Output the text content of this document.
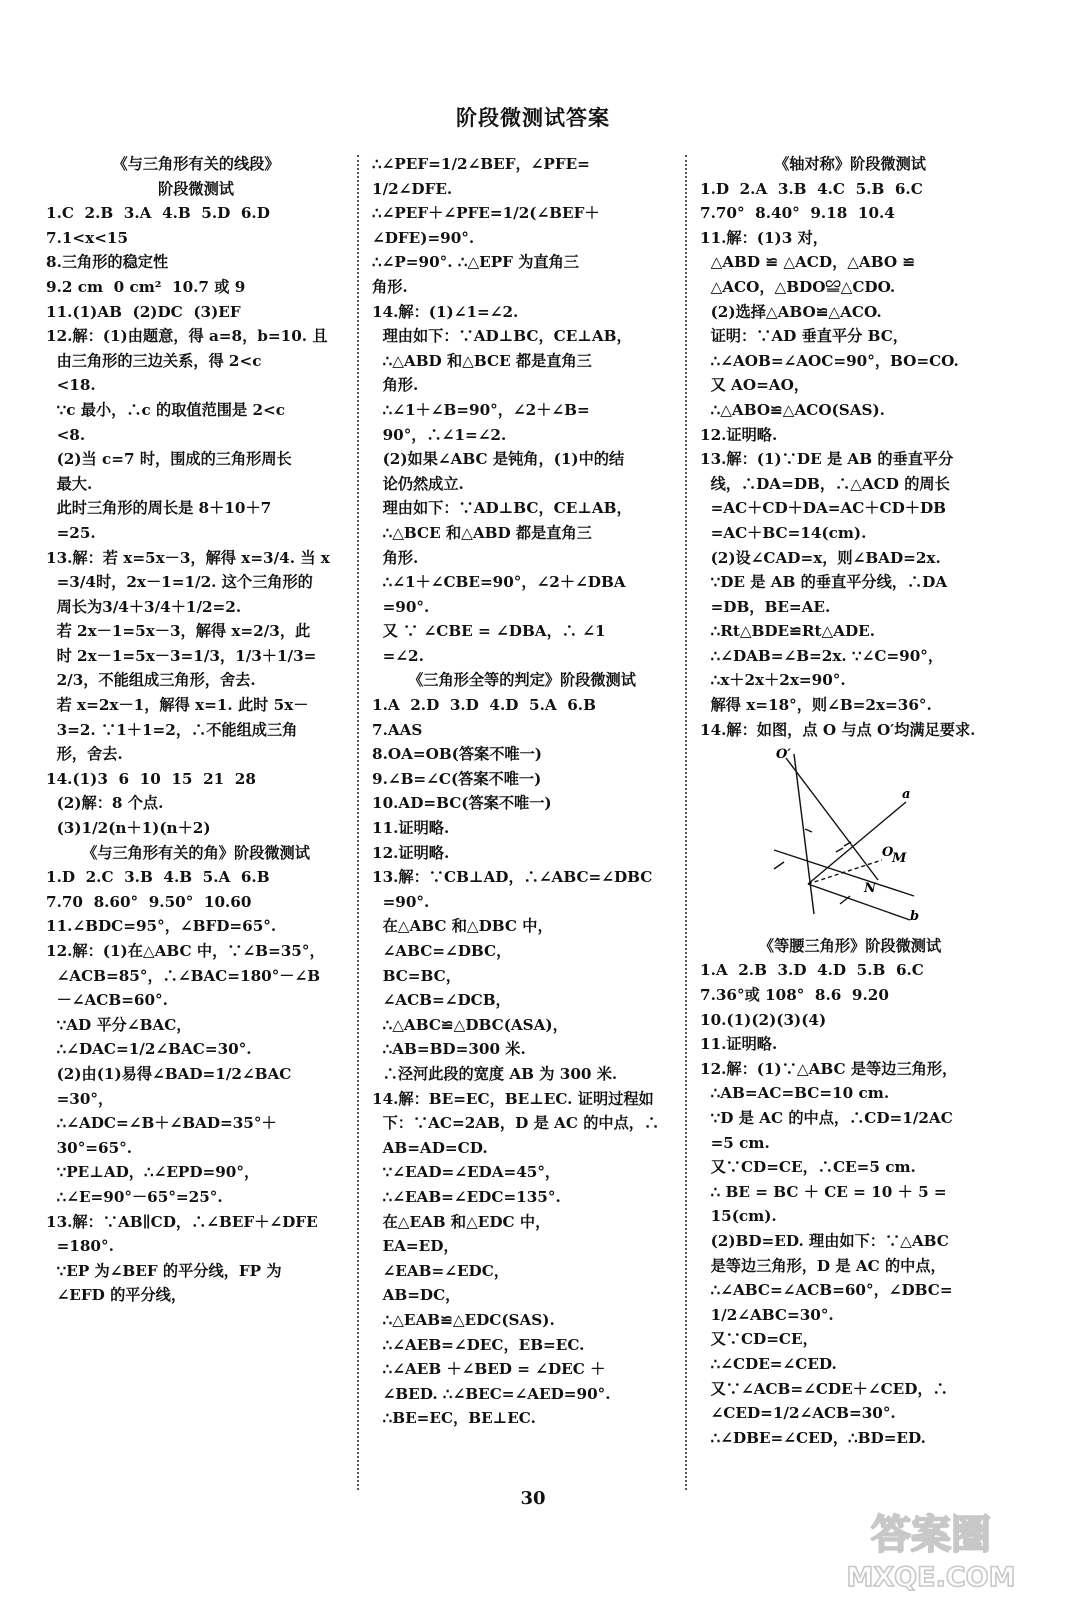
阶段微测试答案
《与三角形有关的线段》
阶段微测试
1.C  2.B  3.A  4.B  5.D  6.D
7.1<x<15
8.三角形的稳定性
9.2 cm  0 cm²  10.7 或 9
11.(1)AB  (2)DC  (3)EF
12.解：(1)由题意，得 a=8，b=10. 且
由三角形的三边关系，得 2<c
<18.
∵c 最小，∴c 的取值范围是 2<c
<8.
(2)当 c=7 时，围成的三角形周长
最大.
此时三角形的周长是 8＋10＋7
=25.
13.解：若 x=5x－3，解得 x=3/4. 当 x
=3/4时，2x－1=1/2. 这个三角形的
周长为3/4＋3/4＋1/2=2.
若 2x－1=5x－3，解得 x=2/3，此
时 2x－1=5x－3=1/3，1/3＋1/3=
2/3，不能组成三角形，舍去.
若 x=2x－1，解得 x=1. 此时 5x－
3=2. ∵1＋1=2，∴不能组成三角
形，舍去.
14.(1)3  6  10  15  21  28
(2)解：8 个点.
(3)1/2(n＋1)(n＋2)
《与三角形有关的角》阶段微测试
1.D  2.C  3.B  4.B  5.A  6.B
7.70  8.60°  9.50°  10.60
11.∠BDC=95°，∠BFD=65°.
12.解：(1)在△ABC 中，∵∠B=35°，
∠ACB=85°，∴∠BAC=180°－∠B
－∠ACB=60°.
∵AD 平分∠BAC，
∴∠DAC=1/2∠BAC=30°.
(2)由(1)易得∠BAD=1/2∠BAC
=30°，
∴∠ADC=∠B＋∠BAD=35°＋
30°=65°.
∵PE⊥AD，∴∠EPD=90°，
∴∠E=90°－65°=25°.
13.解：∵AB∥CD，∴∠BEF＋∠DFE
=180°.
∵EP 为∠BEF 的平分线，FP 为
∠EFD 的平分线，
∴∠PEF=1/2∠BEF，∠PFE=
1/2∠DFE.
∴∠PEF＋∠PFE=1/2(∠BEF＋
∠DFE)=90°.
∴∠P=90°. ∴△EPF 为直角三
角形.
14.解：(1)∠1=∠2.
理由如下：∵AD⊥BC，CE⊥AB，
∴△ABD 和△BCE 都是直角三
角形.
∴∠1＋∠B=90°，∠2＋∠B=
90°，∴∠1=∠2.
(2)如果∠ABC 是钝角，(1)中的结
论仍然成立.
理由如下：∵AD⊥BC，CE⊥AB，
∴△BCE 和△ABD 都是直角三
角形.
∴∠1＋∠CBE=90°，∠2＋∠DBA
=90°.
又 ∵ ∠CBE = ∠DBA，∴ ∠1
=∠2.
《三角形全等的判定》阶段微测试
1.A  2.D  3.D  4.D  5.A  6.B
7.AAS
8.OA=OB(答案不唯一)
9.∠B=∠C(答案不唯一)
10.AD=BC(答案不唯一)
11.证明略.
12.证明略.
13.解：∵CB⊥AD，∴∠ABC=∠DBC
=90°.
在△ABC 和△DBC 中，
∠ABC=∠DBC，
BC=BC，
∠ACB=∠DCB，
∴△ABC≌△DBC(ASA)，
∴AB=BD=300 米.
∴泾河此段的宽度 AB 为 300 米.
14.解：BE=EC，BE⊥EC. 证明过程如
下：∵AC=2AB，D 是 AC 的中点，∴
AB=AD=CD.
∵∠EAD=∠EDA=45°，
∴∠EAB=∠EDC=135°.
在△EAB 和△EDC 中，
EA=ED，
∠EAB=∠EDC，
AB=DC，
∴△EAB≌△EDC(SAS).
∴∠AEB=∠DEC，EB=EC.
∴∠AEB ＋∠BED = ∠DEC ＋
∠BED. ∴∠BEC=∠AED=90°.
∴BE=EC，BE⊥EC.
《轴对称》阶段微测试
1.D  2.A  3.B  4.C  5.B  6.C
7.70°  8.40°  9.18  10.4
11.解：(1)3 对，
△ABD ≌ △ACD，△ABO ≌
△ACO，△BDO≌△CDO.
(2)选择△ABO≌△ACO.
证明：∵AD 垂直平分 BC，
∴∠AOB=∠AOC=90°，BO=CO.
又 AO=AO，
∴△ABO≌△ACO(SAS).
12.证明略.
13.解：(1)∵DE 是 AB 的垂直平分
线，∴DA=DB，∴△ACD 的周长
=AC＋CD＋DA=AC＋CD＋DB
=AC＋BC=14(cm).
(2)设∠CAD=x，则∠BAD=2x.
∵DE 是 AB 的垂直平分线，∴DA
=DB，BE=AE.
∴Rt△BDE≌Rt△ADE.
∴∠DAB=∠B=2x. ∵∠C=90°，
∴x＋2x＋2x=90°.
解得 x=18°，则∠B=2x=36°.
14.解：如图，点 O 与点 O′均满足要求.
O′
O
M
N
a
b
《等腰三角形》阶段微测试
1.A  2.B  3.D  4.D  5.B  6.C
7.36°或 108°  8.6  9.20
10.(1)(2)(3)(4)
11.证明略.
12.解：(1)∵△ABC 是等边三角形，
∴AB=AC=BC=10 cm.
∵D 是 AC 的中点，∴CD=1/2AC
=5 cm.
又∵CD=CE，∴CE=5 cm.
∴ BE = BC ＋ CE = 10 ＋ 5 =
15(cm).
(2)BD=ED. 理由如下：∵△ABC
是等边三角形，D 是 AC 的中点，
∴∠ABC=∠ACB=60°，∠DBC=
1/2∠ABC=30°.
又∵CD=CE，
∴∠CDE=∠CED.
又∵∠ACB=∠CDE＋∠CED，∴
∠CED=1/2∠ACB=30°.
∴∠DBE=∠CED，∴BD=ED.
30
答案圈
MXQE.COM
